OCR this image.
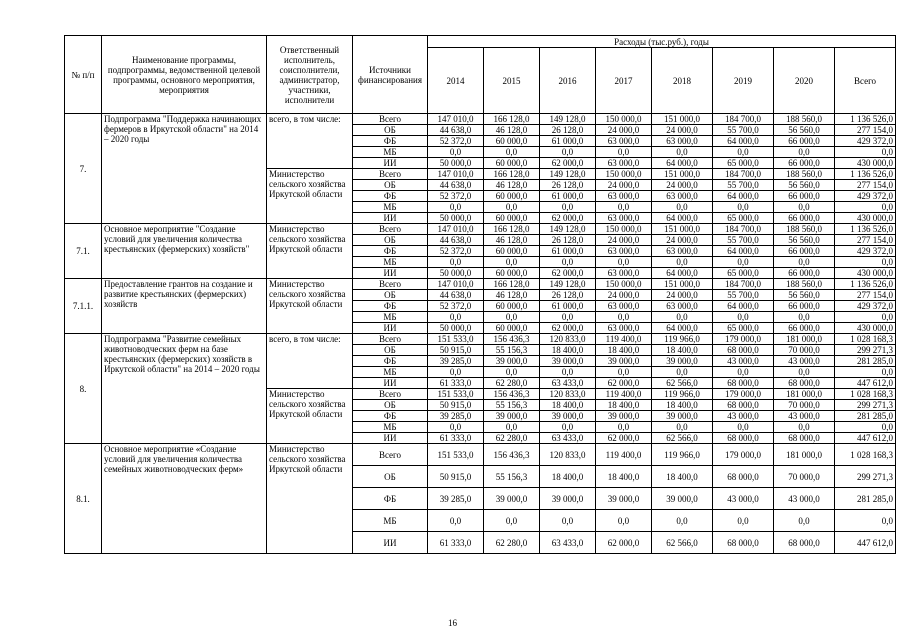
№ п/п	Наименование программы, подпрограммы, ведомственной целевой программы, основного мероприятия, мероприятия	Ответственный исполнитель, соисполнители, администратор, участники, исполнители	Источники финансирования	Расходы (тыс.руб.), годы							
				2014	2015	2016	2017	2018	2019	2020	Всего
7.	Подпрограмма "Поддержка начинающих фермеров в Иркутской области" на 2014 – 2020 годы	всего, в том числе:	Всего	147 010,0	166 128,0	149 128,0	150 000,0	151 000,0	184 700,0	188 560,0	1 136 526,0
			ОБ	44 638,0	46 128,0	26 128,0	24 000,0	24 000,0	55 700,0	56 560,0	277 154,0
			ФБ	52 372,0	60 000,0	61 000,0	63 000,0	63 000,0	64 000,0	66 000,0	429 372,0
			МБ	0,0	0,0	0,0	0,0	0,0	0,0	0,0	0,0
			ИИ	50 000,0	60 000,0	62 000,0	63 000,0	64 000,0	65 000,0	66 000,0	430 000,0
		Министерство сельского хозяйства Иркутской области	Всего	147 010,0	166 128,0	149 128,0	150 000,0	151 000,0	184 700,0	188 560,0	1 136 526,0
			ОБ	44 638,0	46 128,0	26 128,0	24 000,0	24 000,0	55 700,0	56 560,0	277 154,0
			ФБ	52 372,0	60 000,0	61 000,0	63 000,0	63 000,0	64 000,0	66 000,0	429 372,0
			МБ	0,0	0,0	0,0	0,0	0,0	0,0	0,0	0,0
			ИИ	50 000,0	60 000,0	62 000,0	63 000,0	64 000,0	65 000,0	66 000,0	430 000,0
7.1.	Основное мероприятие "Создание условий для увеличения количества крестьянских (фермерских) хозяйств"	Министерство сельского хозяйства Иркутской области	Всего	147 010,0	166 128,0	149 128,0	150 000,0	151 000,0	184 700,0	188 560,0	1 136 526,0
			ОБ	44 638,0	46 128,0	26 128,0	24 000,0	24 000,0	55 700,0	56 560,0	277 154,0
			ФБ	52 372,0	60 000,0	61 000,0	63 000,0	63 000,0	64 000,0	66 000,0	429 372,0
			МБ	0,0	0,0	0,0	0,0	0,0	0,0	0,0	0,0
			ИИ	50 000,0	60 000,0	62 000,0	63 000,0	64 000,0	65 000,0	66 000,0	430 000,0
7.1.1.	Предоставление грантов на создание и развитие крестьянских (фермерских) хозяйств	Министерство сельского хозяйства Иркутской области	Всего	147 010,0	166 128,0	149 128,0	150 000,0	151 000,0	184 700,0	188 560,0	1 136 526,0
			ОБ	44 638,0	46 128,0	26 128,0	24 000,0	24 000,0	55 700,0	56 560,0	277 154,0
			ФБ	52 372,0	60 000,0	61 000,0	63 000,0	63 000,0	64 000,0	66 000,0	429 372,0
			МБ	0,0	0,0	0,0	0,0	0,0	0,0	0,0	0,0
			ИИ	50 000,0	60 000,0	62 000,0	63 000,0	64 000,0	65 000,0	66 000,0	430 000,0
8.	Подпрограмма "Развитие семейных животноводческих ферм на базе крестьянских (фермерских) хозяйств в Иркутской области" на 2014 – 2020 годы	всего, в том числе:	Всего	151 533,0	156 436,3	120 833,0	119 400,0	119 966,0	179 000,0	181 000,0	1 028 168,3
			ОБ	50 915,0	55 156,3	18 400,0	18 400,0	18 400,0	68 000,0	70 000,0	299 271,3
			ФБ	39 285,0	39 000,0	39 000,0	39 000,0	39 000,0	43 000,0	43 000,0	281 285,0
			МБ	0,0	0,0	0,0	0,0	0,0	0,0	0,0	0,0
			ИИ	61 333,0	62 280,0	63 433,0	62 000,0	62 566,0	68 000,0	68 000,0	447 612,0
		Министерство сельского хозяйства Иркутской области	Всего	151 533,0	156 436,3	120 833,0	119 400,0	119 966,0	179 000,0	181 000,0	1 028 168,3
			ОБ	50 915,0	55 156,3	18 400,0	18 400,0	18 400,0	68 000,0	70 000,0	299 271,3
			ФБ	39 285,0	39 000,0	39 000,0	39 000,0	39 000,0	43 000,0	43 000,0	281 285,0
			МБ	0,0	0,0	0,0	0,0	0,0	0,0	0,0	0,0
			ИИ	61 333,0	62 280,0	63 433,0	62 000,0	62 566,0	68 000,0	68 000,0	447 612,0
8.1.	Основное мероприятие «Создание условий для увеличения количества семейных животноводческих ферм»	Министерство сельского хозяйства Иркутской области	Всего	151 533,0	156 436,3	120 833,0	119 400,0	119 966,0	179 000,0	181 000,0	1 028 168,3
			ОБ	50 915,0	55 156,3	18 400,0	18 400,0	18 400,0	68 000,0	70 000,0	299 271,3
			ФБ	39 285,0	39 000,0	39 000,0	39 000,0	39 000,0	43 000,0	43 000,0	281 285,0
			МБ	0,0	0,0	0,0	0,0	0,0	0,0	0,0	0,0
			ИИ	61 333,0	62 280,0	63 433,0	62 000,0	62 566,0	68 000,0	68 000,0	447 612,0
16
